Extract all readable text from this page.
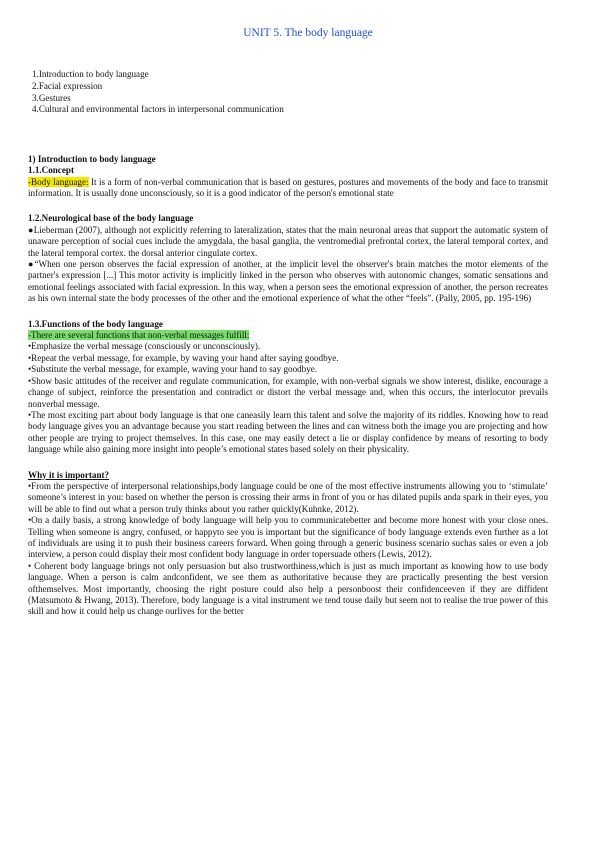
UNIT 5. The body language
1.Introduction to body language
2.Facial expression
3.Gestures
4.Cultural and environmental factors in interpersonal communication
1) Introduction to body language
1.1.Concept

-Body language: It is a form of non-verbal communication that is based on gestures, postures and movements of the body and face to transmit information. It is usually done unconsciously, so it is a good indicator of the person's emotional state

1.2.Neurological base of the body language

●Lieberman (2007), although not explicitly referring to lateralization, states that the main neuronal areas that support the automatic system of unaware perception of social cues include the amygdala, the basal ganglia, the ventromedial prefrontal cortex, the lateral temporal cortex, and the lateral temporal cortex. the dorsal anterior cingulate cortex.

●“When one person observes the facial expression of another, at the implicit level the observer's brain matches the motor elements of the partner's expression [...] This motor activity is implicitly linked in the person who observes with autonomic changes, somatic sensations and emotional feelings associated with facial expression. In this way, when a person sees the emotional expression of another, the person recreates as his own internal state the body processes of the other and the emotional experience of what the other “feels”. (Pally, 2005, pp. 195-196)

1.3.Functions of the body language
-There are several functions that non-verbal messages fulfill:

•Emphasize the verbal message (consciously or unconsciously).

•Repeat the verbal message, for example, by waving your hand after saying goodbye.

•Substitute the verbal message, for example, waving your hand to say goodbye.

•Show basic attitudes of the receiver and regulate communication, for example, with non-verbal signals we show interest, dislike, encourage a change of subject, reinforce the presentation and contradict or distort the verbal message and, when this occurs, the interlocutor prevails nonverbal message.

•The most exciting part about body language is that one caneasily learn this talent and solve the majority of its riddles. Knowing how to read body language gives you an advantage because you start reading between the lines and can witness both the image you are projecting and how other people are trying to project themselves. In this case, one may easily detect a lie or display confidence by means of resorting to body language while also gaining more insight into people’s emotional states based solely on their physicality.

Why it is important?

•From the perspective of interpersonal relationships,body language could be one of the most effective instruments allowing you to ‘stimulate’ someone’s interest in you: based on whether the person is crossing their arms in front of you or has dilated pupils anda spark in their eyes, you will be able to find out what a person truly thinks about you rather quickly(Kuhnke, 2012).

•On a daily basis, a strong knowledge of body language will help you to communicatebetter and become more honest with your close ones. Telling when someone is angry, confused, or happyto see you is important but the significance of body language extends even further as a lot of individuals are using it to push their business careers forward. When going through a generic business scenario suchas sales or even a job interview, a person could display their most confident body language in order topersuade others (Lewis, 2012).

• Coherent body language brings not only persuasion but also trustworthiness,which is just as much important as knowing how to use body language. When a person is calm andconfident, we see them as authoritative because they are practically presenting the best version ofthemselves. Most importantly, choosing the right posture could also help a personboost their confidenceeven if they are diffident (Matsumoto & Hwang, 2013). Therefore, body language is a vital instrument we tend touse daily but seem not to realise the true power of this skill and how it could help us change ourlives for the better
